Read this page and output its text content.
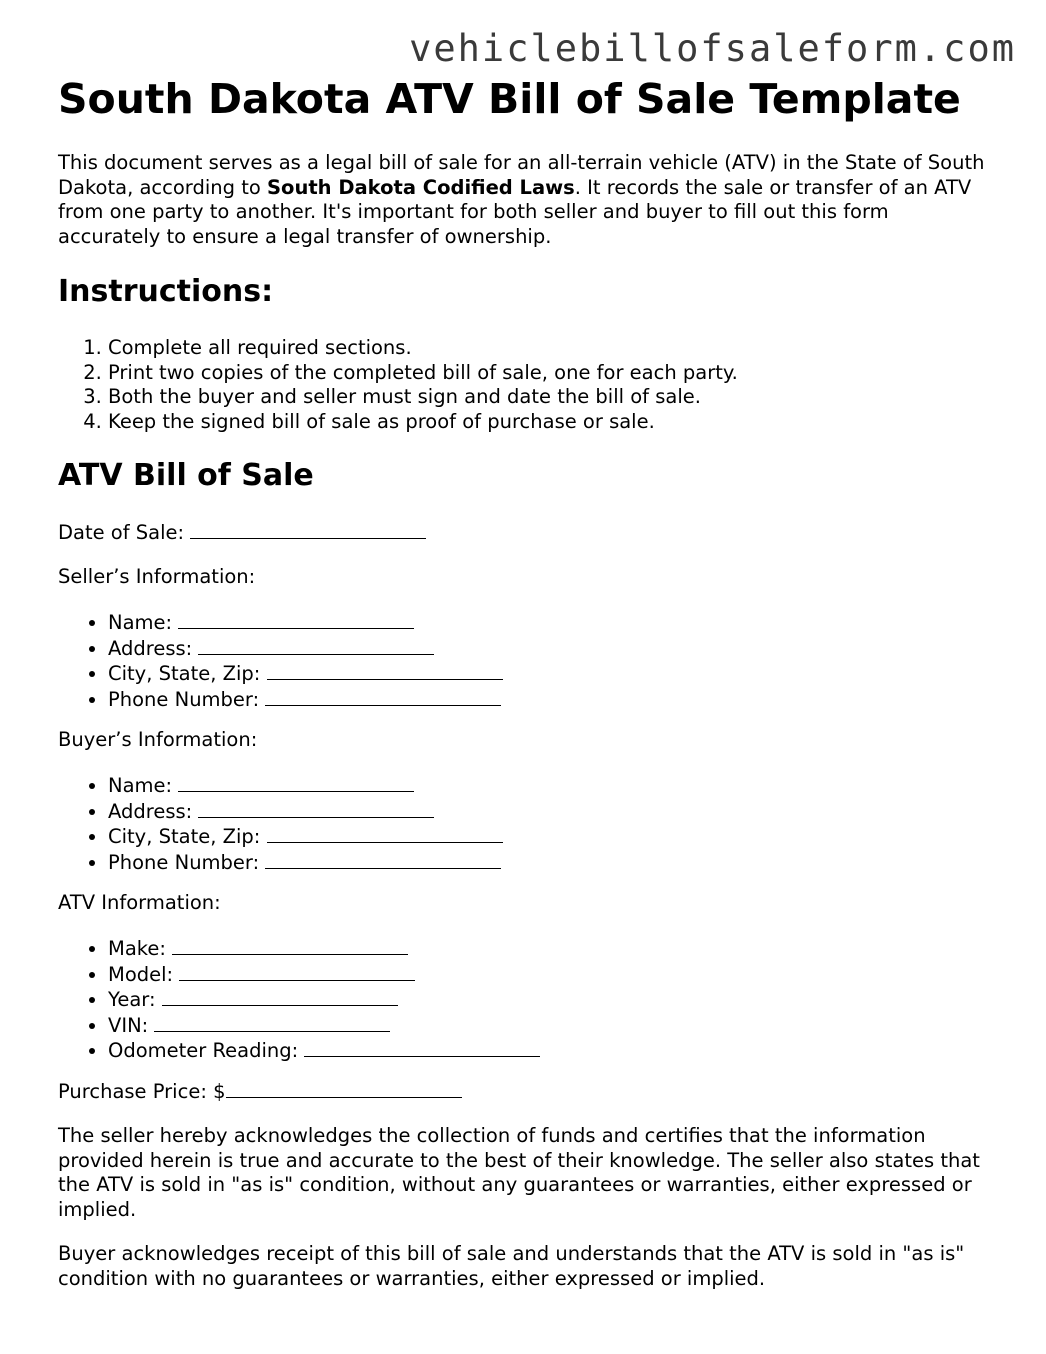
vehiclebillofsaleform.com
South Dakota ATV Bill of Sale Template

This document serves as a legal bill of sale for an all-terrain vehicle (ATV) in the State of South Dakota, according to South Dakota Codified Laws. It records the sale or transfer of an ATV from one party to another. It's important for both seller and buyer to fill out this form accurately to ensure a legal transfer of ownership.

Instructions:
1. Complete all required sections.
2. Print two copies of the completed bill of sale, one for each party.
3. Both the buyer and seller must sign and date the bill of sale.
4. Keep the signed bill of sale as proof of purchase or sale.
ATV Bill of Sale

Date of Sale:

Seller’s Information:

• Name:
• Address:
• City, State, Zip:
• Phone Number:

Buyer’s Information:

• Name:
• Address:
• City, State, Zip:
• Phone Number:

ATV Information:

• Make:
• Model:
• Year:
• VIN:
• Odometer Reading:

Purchase Price: $

The seller hereby acknowledges the collection of funds and certifies that the information provided herein is true and accurate to the best of their knowledge. The seller also states that the ATV is sold in "as is" condition, without any guarantees or warranties, either expressed or implied.

Buyer acknowledges receipt of this bill of sale and understands that the ATV is sold in "as is" condition with no guarantees or warranties, either expressed or implied.
